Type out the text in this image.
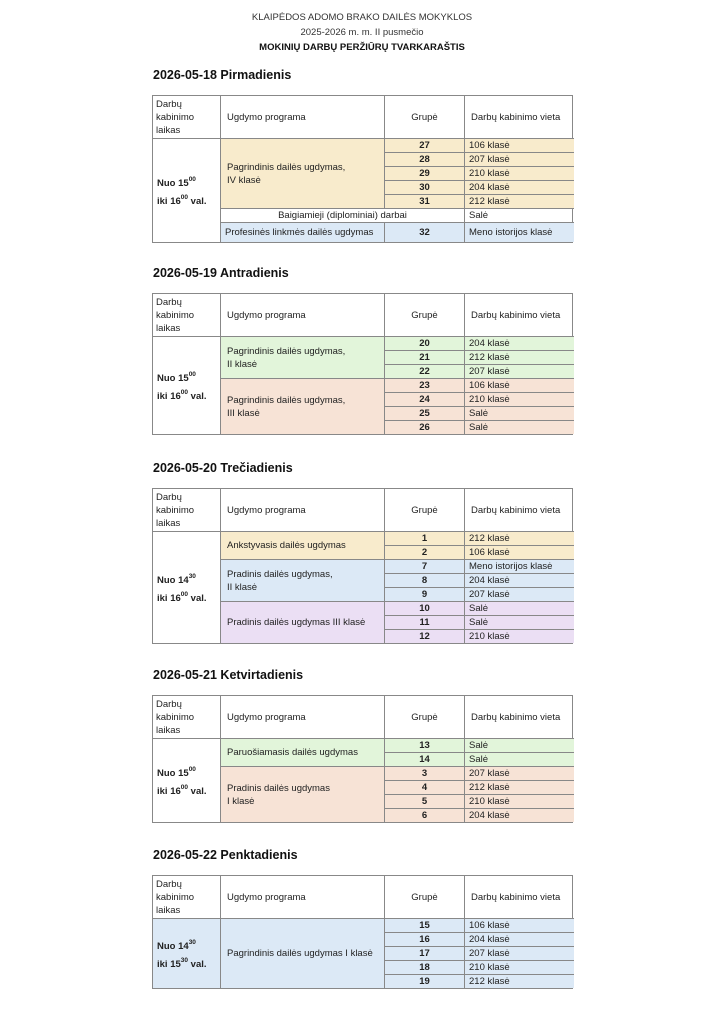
KLAIPĖDOS ADOMO BRAKO DAILĖS MOKYKLOS
2025-2026 m. m. II pusmečio
MOKINIŲ DARBŲ PERŽIŪRŲ TVARKARAŠTIS
2026-05-18 Pirmadienis
Darbų kabinimo laikas
Ugdymo programa	Grupė	Darbų kabinimo vieta
Nuo $15^{00}$
iki $16^{00}$ val.
Pagrindinis dailės ugdymas,
IV klasė
27	106 klasė
28	207 klasė
29	210 klasė
30	204 klasė
31	212 klasė
Baigiamieji (diplominiai) darbai	Salė
Profesinės linkmės dailės ugdymas	32	Meno istorijos klasė
2026-05-19 Antradienis
Darbų kabinimo laikas
Ugdymo programa	Grupė	Darbų kabinimo vieta
Nuo $15^{00}$
iki $16^{00}$ val.
Pagrindinis dailės ugdymas,
II klasė
20	204 klasė
21	212 klasė
22	207 klasė
Pagrindinis dailės ugdymas,
III klasė
23	106 klasė
24	210 klasė
25	Salė
26	Salė
2026-05-20 Trečiadienis
Darbų kabinimo laikas
Ugdymo programa	Grupė	Darbų kabinimo vieta
Nuo $14^{30}$
iki $16^{00}$ val.
Ankstyvasis dailės ugdymas
1	212 klasė
2	106 klasė
Pradinis dailės ugdymas,
II klasė
7	Meno istorijos klasė
8	204 klasė
9	207 klasė
Pradinis dailės ugdymas III klasė
10	Salė
11	Salė
12	210 klasė
2026-05-21 Ketvirtadienis
Darbų kabinimo laikas
Ugdymo programa	Grupė	Darbų kabinimo vieta
Nuo $15^{00}$
iki $16^{00}$ val.
Paruošiamasis dailės ugdymas
13	Salė
14	Salė
Pradinis dailės ugdymas
I klasė
3	207 klasė
4	212 klasė
5	210 klasė
6	204 klasė
2026-05-22 Penktadienis
Darbų kabinimo laikas
Ugdymo programa	Grupė	Darbų kabinimo vieta
Nuo $14^{30}$
iki $15^{30}$ val.
Pagrindinis dailės ugdymas I klasė
15	106 klasė
16	204 klasė
17	207 klasė
18	210 klasė
19	212 klasė
